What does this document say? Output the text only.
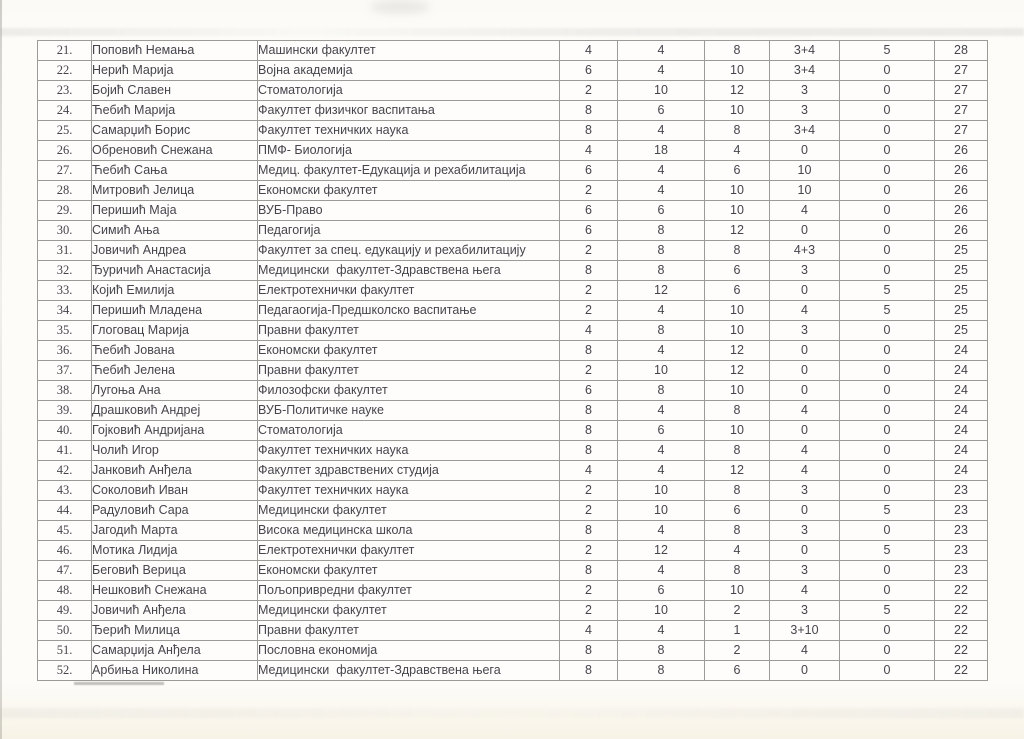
21.	Поповић Немања	Машински факултет	4	4	8	3+4	5	28
22.	Нерић Марија	Војна академија	6	4	10	3+4	0	27
23.	Бојић Славен	Стоматологија	2	10	12	3	0	27
24.	Ћебић Марија	Факултет физичког васпитања	8	6	10	3	0	27
25.	Самарџић Борис	Факултет техничких наука	8	4	8	3+4	0	27
26.	Обреновић Снежана	ПМФ- Биологија	4	18	4	0	0	26
27.	Ћебић Сања	Медиц. факултет-Едукација и рехабилитација	6	4	6	10	0	26
28.	Митровић Јелица	Економски факултет	2	4	10	10	0	26
29.	Перишић Маја	ВУБ-Право	6	6	10	4	0	26
30.	Симић Ања	Педагогија	6	8	12	0	0	26
31.	Јовичић Андреа	Факултет за спец. едукацију и рехабилитацију	2	8	8	4+3	0	25
32.	Ђуричић Анастасија	Медицински  факултет-Здравствена њега	8	8	6	3	0	25
33.	Којић Емилија	Електротехнички факултет	2	12	6	0	5	25
34.	Перишић Младена	Педагаогија-Предшколско васпитање	2	4	10	4	5	25
35.	Глоговац Марија	Правни факултет	4	8	10	3	0	25
36.	Ћебић Јована	Економски факултет	8	4	12	0	0	24
37.	Ћебић Јелена	Правни факултет	2	10	12	0	0	24
38.	Лугоња Ана	Филозофски факултет	6	8	10	0	0	24
39.	Драшковић Андреј	ВУБ-Политичке науке	8	4	8	4	0	24
40.	Гојковић Андријана	Стоматологија	8	6	10	0	0	24
41.	Чолић Игор	Факултет техничких наука	8	4	8	4	0	24
42.	Јанковић Анђела	Факултет здравствених студија	4	4	12	4	0	24
43.	Соколовић Иван	Факултет техничких наука	2	10	8	3	0	23
44.	Радуловић Сара	Медицински факултет	2	10	6	0	5	23
45.	Јагодић Марта	Висока медицинска школа	8	4	8	3	0	23
46.	Мотика Лидија	Електротехнички факултет	2	12	4	0	5	23
47.	Беговић Верица	Економски факултет	8	4	8	3	0	23
48.	Нешковић Снежана	Пољопривредни факултет	2	6	10	4	0	22
49.	Јовичић Анђела	Медицински факултет	2	10	2	3	5	22
50.	Ђерић Милица	Правни факултет	4	4	1	3+10	0	22
51.	Самарџија Анђела	Пословна економија	8	8	2	4	0	22
52.	Арбиња Николина	Медицински  факултет-Здравствена њега	8	8	6	0	0	22
